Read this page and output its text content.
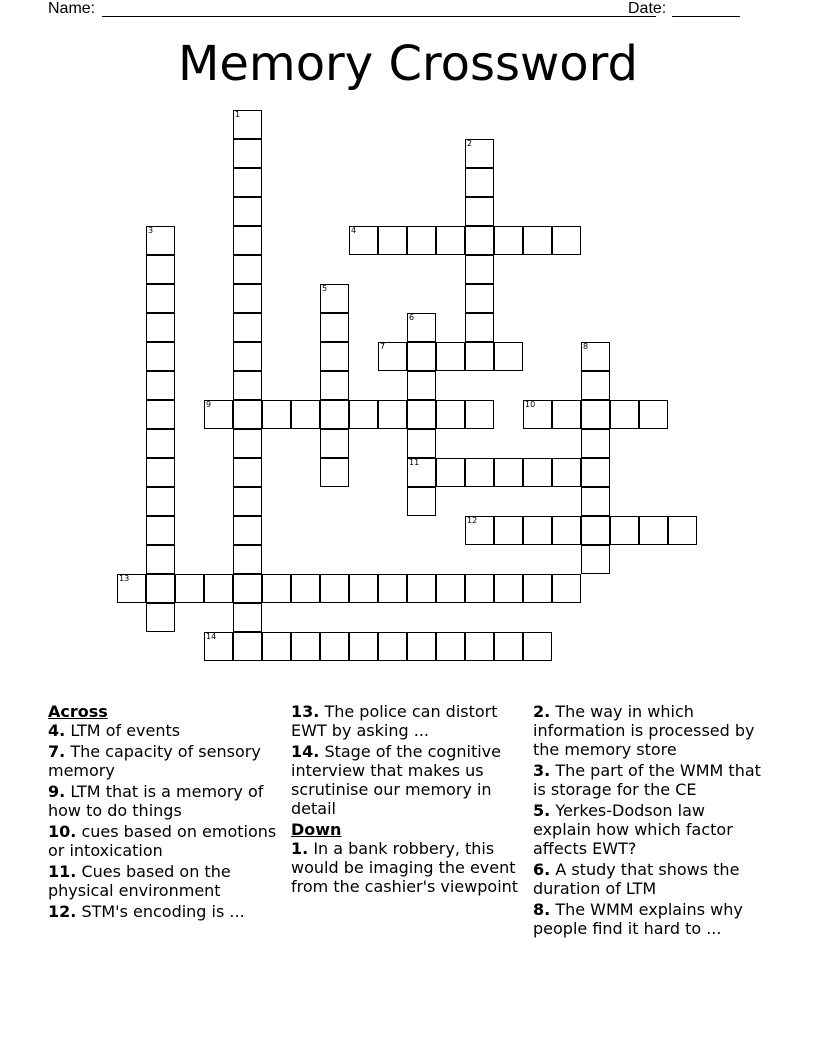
Name:	Date:
Memory Crossword
1
2
3	4
5
6
11
7	8
9	10
12
13
14
Across
4. LTM of events
7. The capacity of sensory memory
9. LTM that is a memory of how to do things
10. cues based on emotions or intoxication
11. Cues based on the physical environment
12. STM's encoding is ...
13. The police can distort EWT by asking ...
14. Stage of the cognitive interview that makes us scrutinise our memory in detail
Down
1. In a bank robbery, this would be imaging the event from the cashier's viewpoint
2. The way in which information is processed by the memory store
3. The part of the WMM that is storage for the CE
5. Yerkes-Dodson law explain how which factor affects EWT?
6. A study that shows the duration of LTM
8. The WMM explains why people find it hard to ...
